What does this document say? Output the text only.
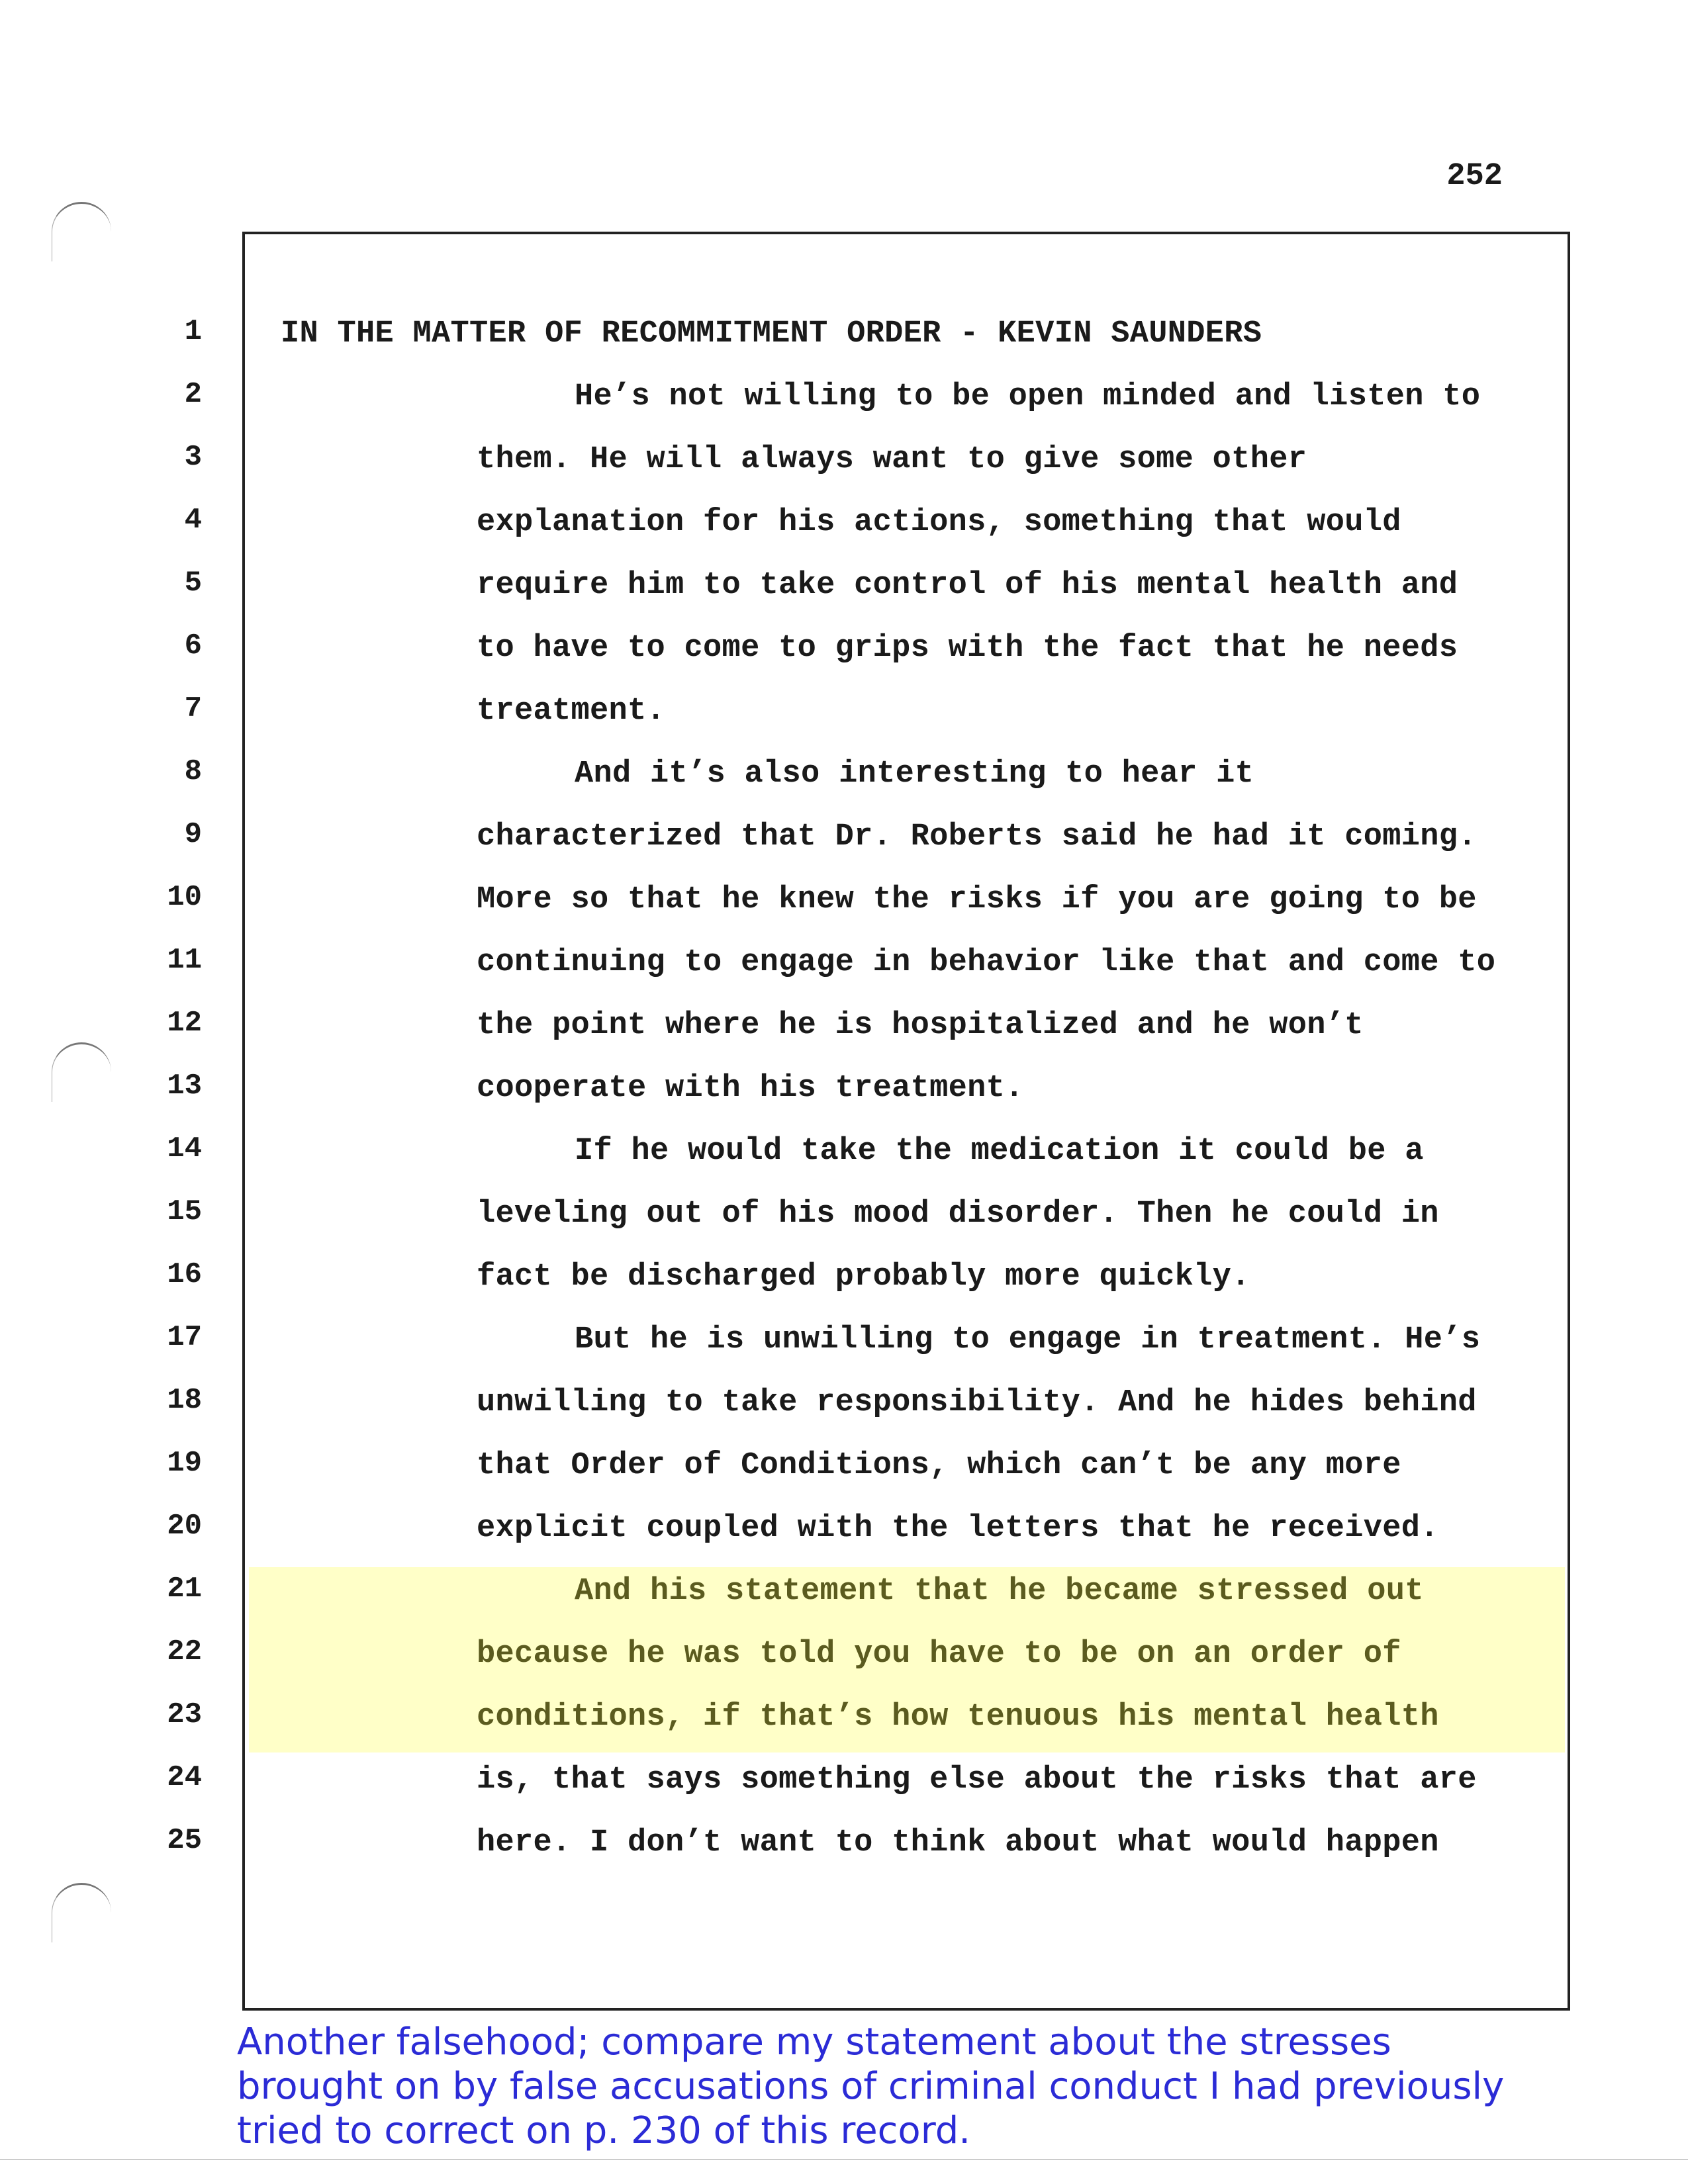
252
1	IN THE MATTER OF RECOMMITMENT ORDER - KEVIN SAUNDERS
2	He’s not willing to be open minded and listen to
3	them. He will always want to give some other
4	explanation for his actions, something that would
5	require him to take control of his mental health and
6	to have to come to grips with the fact that he needs
7	treatment.
8	And it’s also interesting to hear it
9	characterized that Dr. Roberts said he had it coming.
10	More so that he knew the risks if you are going to be
11	continuing to engage in behavior like that and come to
12	the point where he is hospitalized and he won’t
13	cooperate with his treatment.
14	If he would take the medication it could be a
15	leveling out of his mood disorder. Then he could in
16	fact be discharged probably more quickly.
17	But he is unwilling to engage in treatment. He’s
18	unwilling to take responsibility. And he hides behind
19	that Order of Conditions, which can’t be any more
20	explicit coupled with the letters that he received.
21	And his statement that he became stressed out
22	because he was told you have to be on an order of
23	conditions, if that’s how tenuous his mental health
24	is, that says something else about the risks that are
25	here. I don’t want to think about what would happen
Another falsehood; compare my statement about the stresses
brought on by false accusations of criminal conduct I had previously
tried to correct on p. 230 of this record.
